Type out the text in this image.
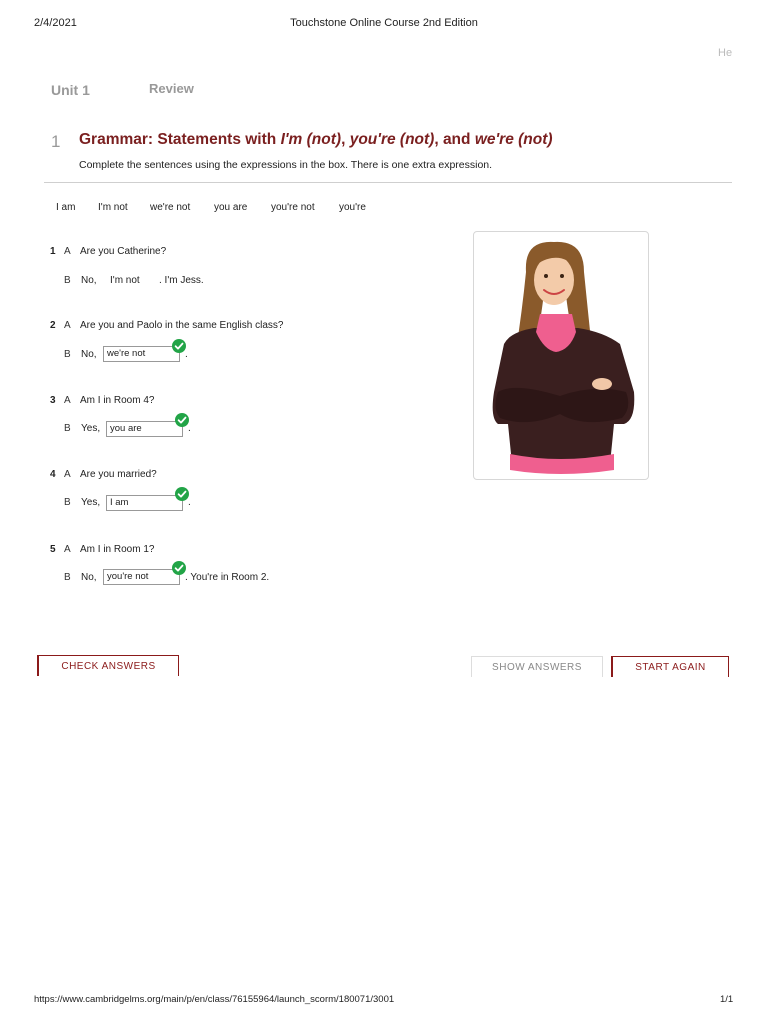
2/4/2021	Touchstone Online Course 2nd Edition
He
Unit 1	Review
1 Grammar: Statements with I'm (not), you're (not), and we're (not)
Complete the sentences using the expressions in the box. There is one extra expression.
I am I'm not we're not you are you're not you're
1 A Are you Catherine?
B No, I'm not . I'm Jess.
2 A Are you and Paolo in the same English class?
B No,	we're not	.
3 A Am I in Room 4?
B Yes,	you are	.
4 A Are you married?
B Yes,	I am	.
5 A Am I in Room 1?
B No,	you're not	. You're in Room 2.
CHECK ANSWERS	SHOW ANSWERS	START AGAIN
https://www.cambridgelms.org/main/p/en/class/76155964/launch_scorm/180071/3001	1/1
